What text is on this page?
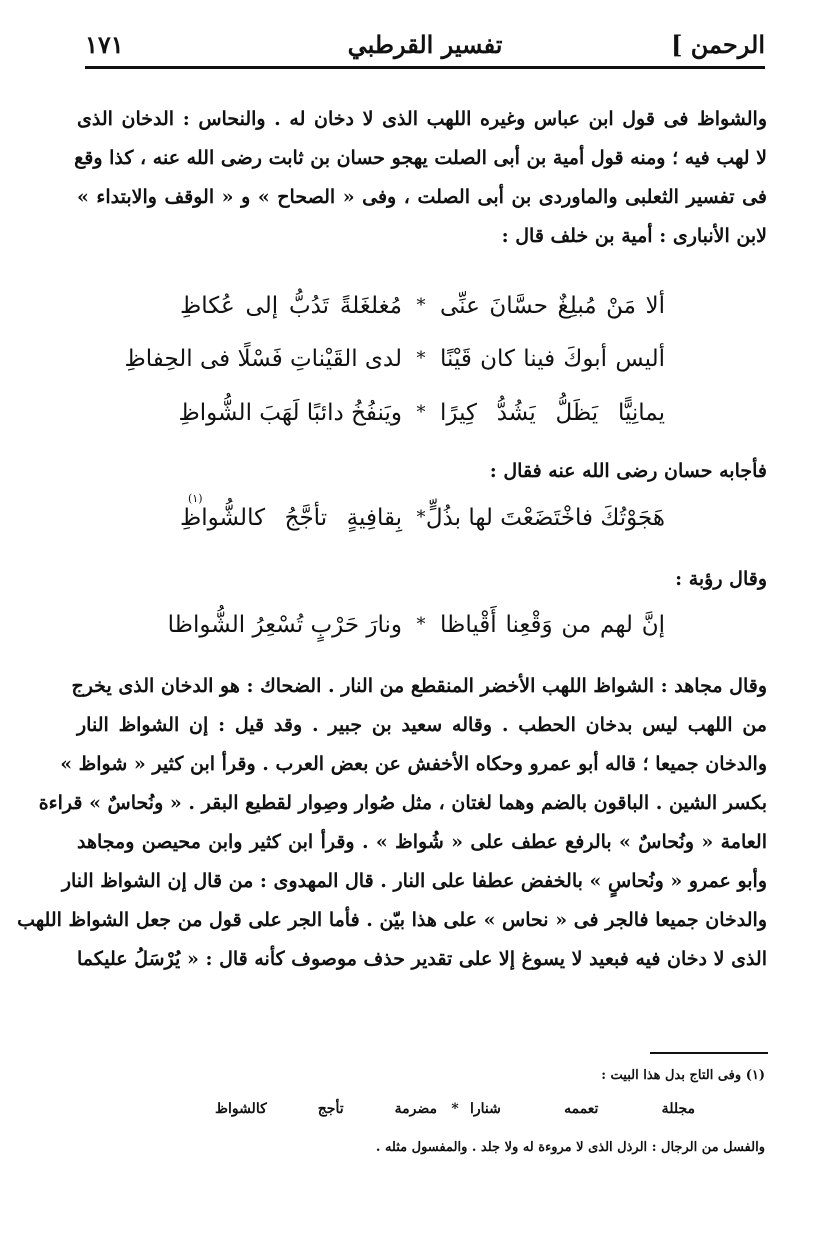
الرحمن ]
تفسير القرطبي
١٧١
والشواظ فى قول ابن عباس وغيره اللهب الذى لا دخان له . والنحاس : الدخان الذى
لا لهب فيه ؛ ومنه قول أمية بن أبى الصلت يهجو حسان بن ثابت رضى الله عنه ، كذا وقع
فى تفسير الثعلبى والماوردى بن أبى الصلت ، وفى « الصحاح » و « الوقف والابتداء »
لابن الأنبارى : أمية بن خلف قال :
ألا مَنْ مُبلِغٌ حسَّانَ عنِّى
*
مُغلغَلةً تَدُبُّ إلى عُكاظِ
أليس أبوكَ فينا كان قَيْنًا
*
لدى القَيْناتِ فَسْلًا فى الحِفاظِ
يمانِيًّا يَظَلُّ يَشُدُّ كِيرًا
*
ويَنفُخُ دائبًا لَهَبَ الشُّواظِ
فأجابه حسان رضى الله عنه فقال :
(١)
هَجَوْتُكَ فاخْتَضَعْتَ لها بذُلٍّ
*
بِقافِيةٍ تأجَّجُ كالشُّواظِ
وقال رؤبة :
إنَّ لهم من وَقْعِنا أَقْياظا
*
ونارَ حَرْبٍ تُسْعِرُ الشُّواظا
وقال مجاهد : الشواظ اللهب الأخضر المنقطع من النار . الضحاك : هو الدخان الذى يخرج
من اللهب ليس بدخان الحطب . وقاله سعيد بن جبير . وقد قيل : إن الشواظ النار
والدخان جميعا ؛ قاله أبو عمرو وحكاه الأخفش عن بعض العرب . وقرأ ابن كثير « شواظ »
بكسر الشين . الباقون بالضم وهما لغتان ، مثل صُوار وصِوار لقطيع البقر . « ونُحاسٌ » قراءة
العامة « ونُحاسٌ » بالرفع عطف على « شُواظ » . وقرأ ابن كثير وابن محيصن ومجاهد
وأبو عمرو « ونُحاسٍ » بالخفض عطفا على النار . قال المهدوى : من قال إن الشواظ النار
والدخان جميعا فالجر فى « نحاس » على هذا بيّن . فأما الجر على قول من جعل الشواظ اللهب
الذى لا دخان فيه فبعيد لا يسوغ إلا على تقدير حذف موصوف كأنه قال : « يُرْسَلُ عليكما
(١) وفى التاج بدل هذا البيت :
مجللة تعممه شنارا
*
مضرمة تأجج كالشواظ
والفسل من الرجال : الرذل الذى لا مروءة له ولا جلد . والمفسول مثله .
